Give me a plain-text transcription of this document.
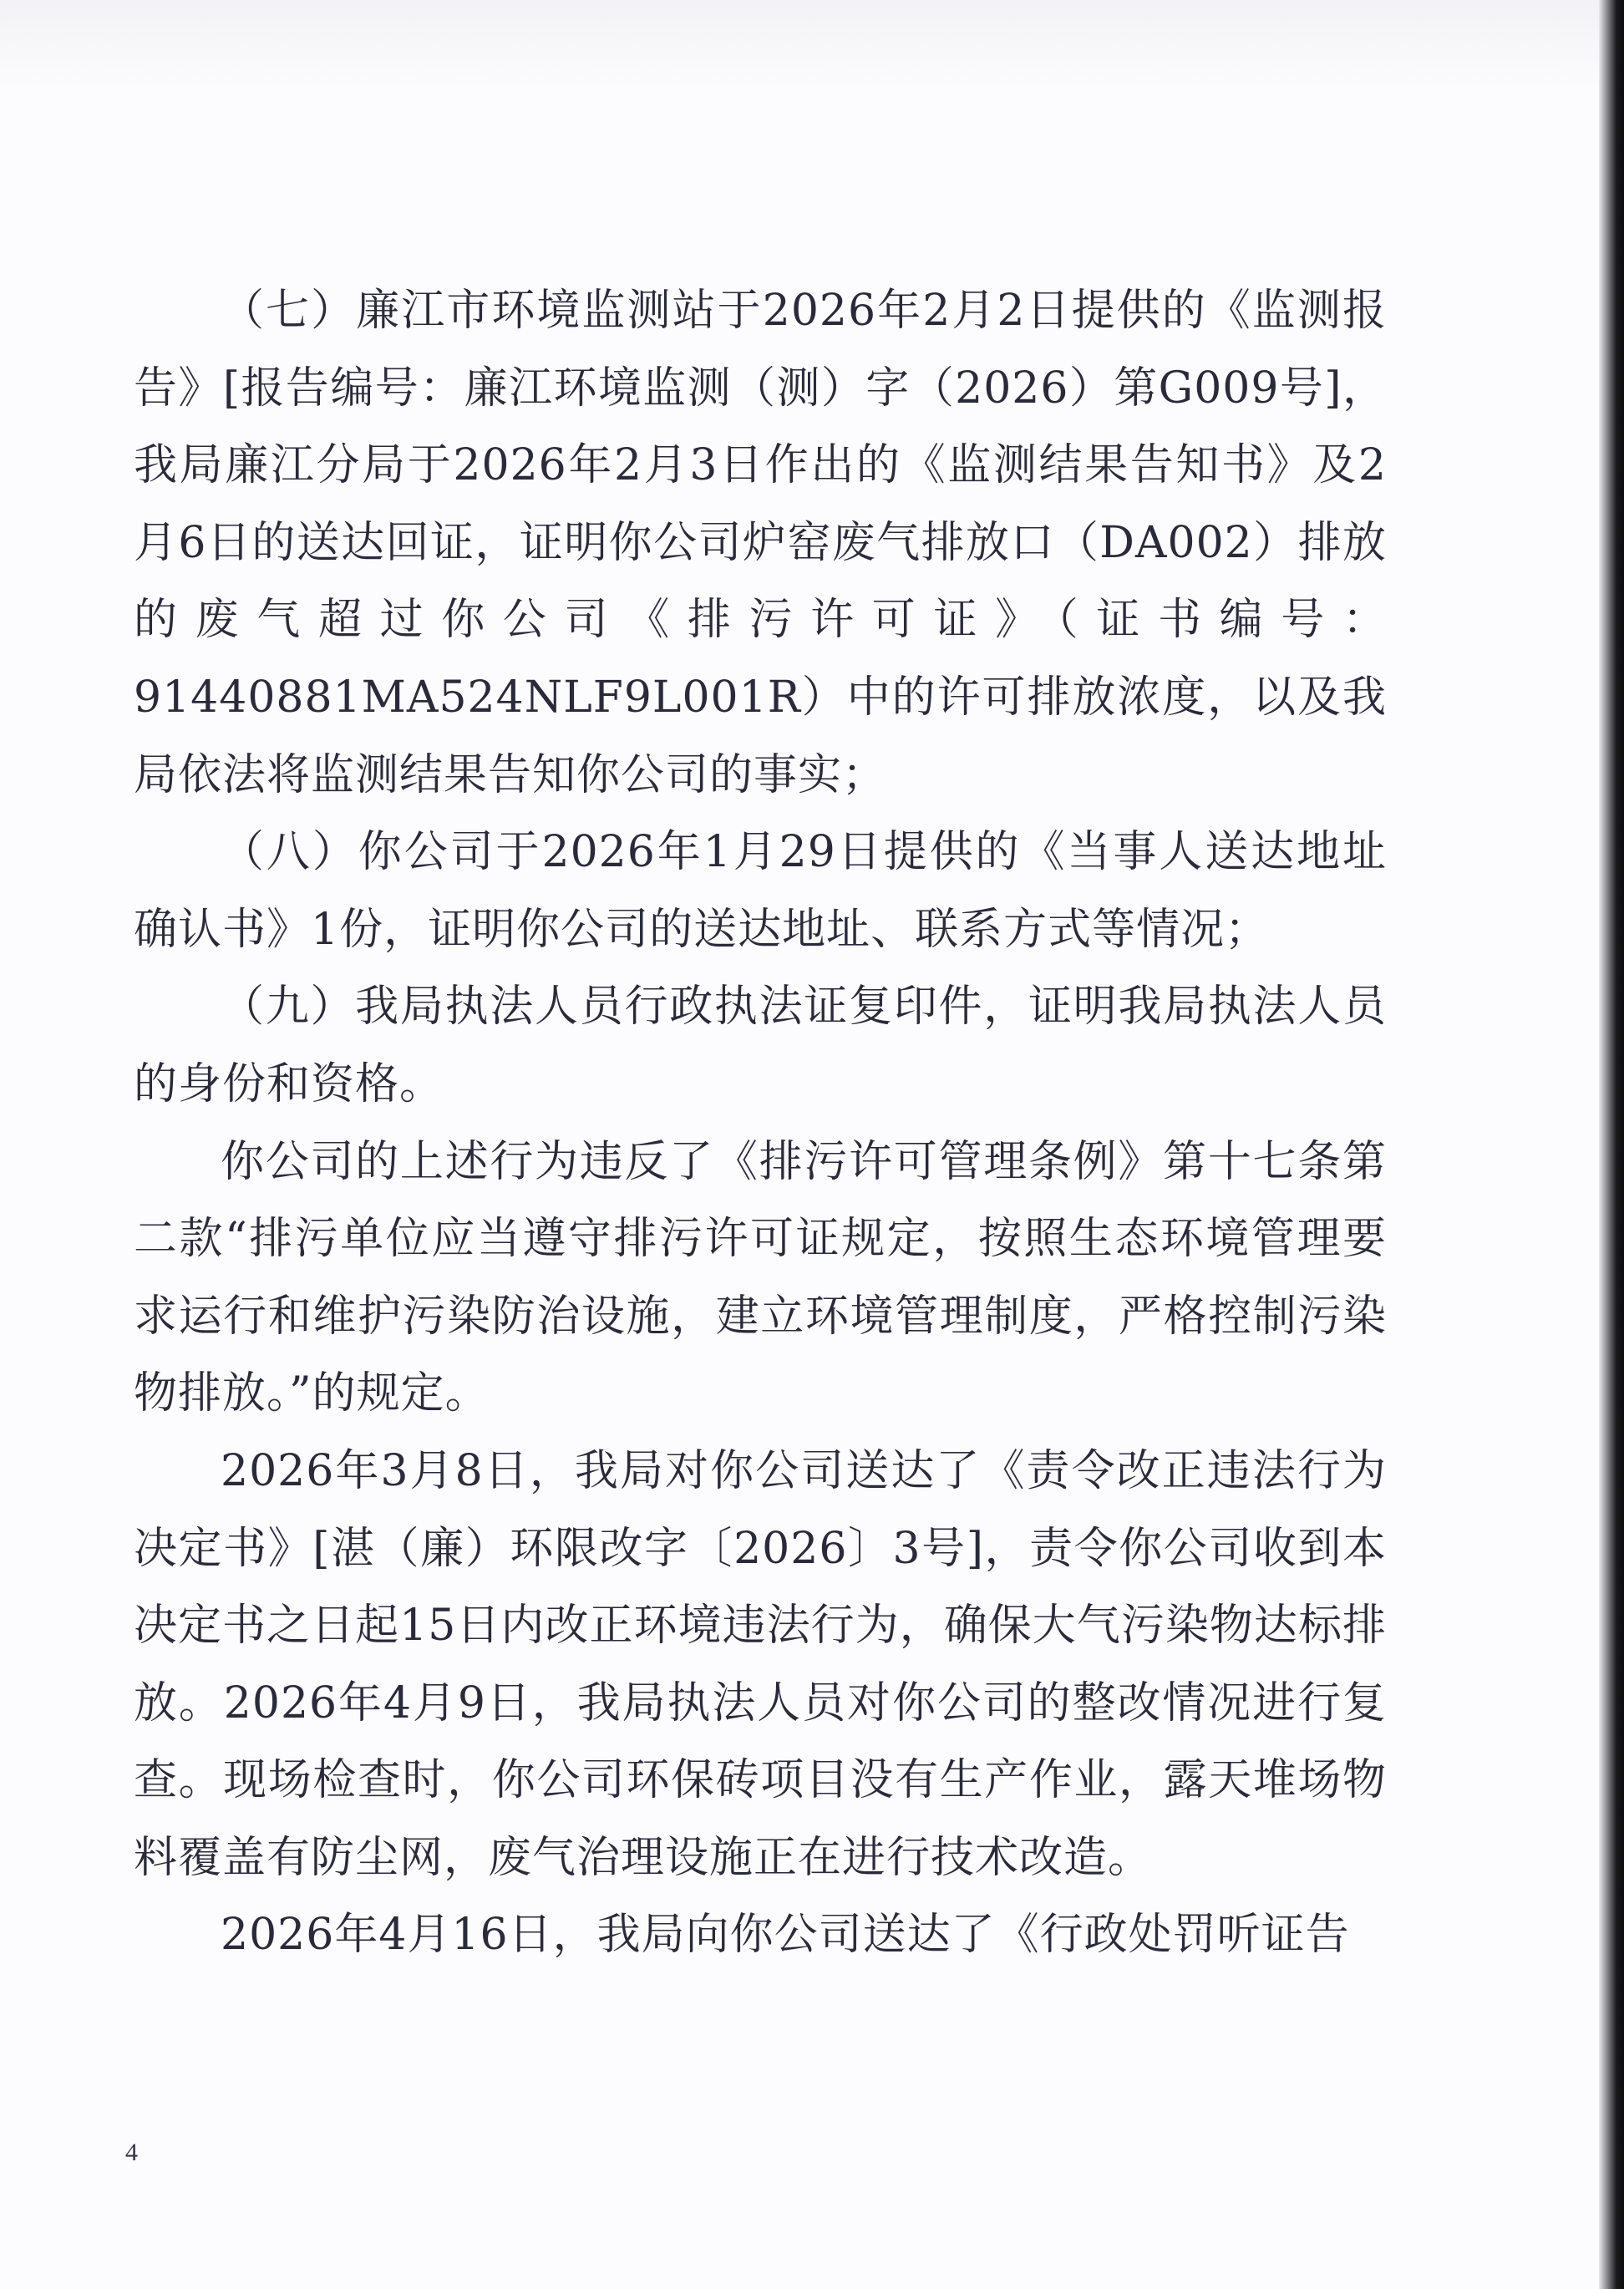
（七）廉江市环境监测站于2026年2月2日提供的《监测报告》[报告编号：廉江环境监测（测）字（2026）第G009号]，我局廉江分局于2026年2月3日作出的《监测结果告知书》及2月6日的送达回证，证明你公司炉窑废气排放口（DA002）排放的废气超过你公司《排污许可证》（证书编号：91440881MA524NLF9L001R）中的许可排放浓度，以及我局依法将监测结果告知你公司的事实；

（八）你公司于2026年1月29日提供的《当事人送达地址确认书》1份，证明你公司的送达地址、联系方式等情况；

（九）我局执法人员行政执法证复印件，证明我局执法人员的身份和资格。

你公司的上述行为违反了《排污许可管理条例》第十七条第二款“排污单位应当遵守排污许可证规定，按照生态环境管理要求运行和维护污染防治设施，建立环境管理制度，严格控制污染物排放。”的规定。

2026年3月8日，我局对你公司送达了《责令改正违法行为决定书》[湛（廉）环限改字〔2026〕3号]，责令你公司收到本决定书之日起15日内改正环境违法行为，确保大气污染物达标排放。2026年4月9日，我局执法人员对你公司的整改情况进行复查。现场检查时，你公司环保砖项目没有生产作业，露天堆场物料覆盖有防尘网，废气治理设施正在进行技术改造。

2026年4月16日，我局向你公司送达了《行政处罚听证告

4
